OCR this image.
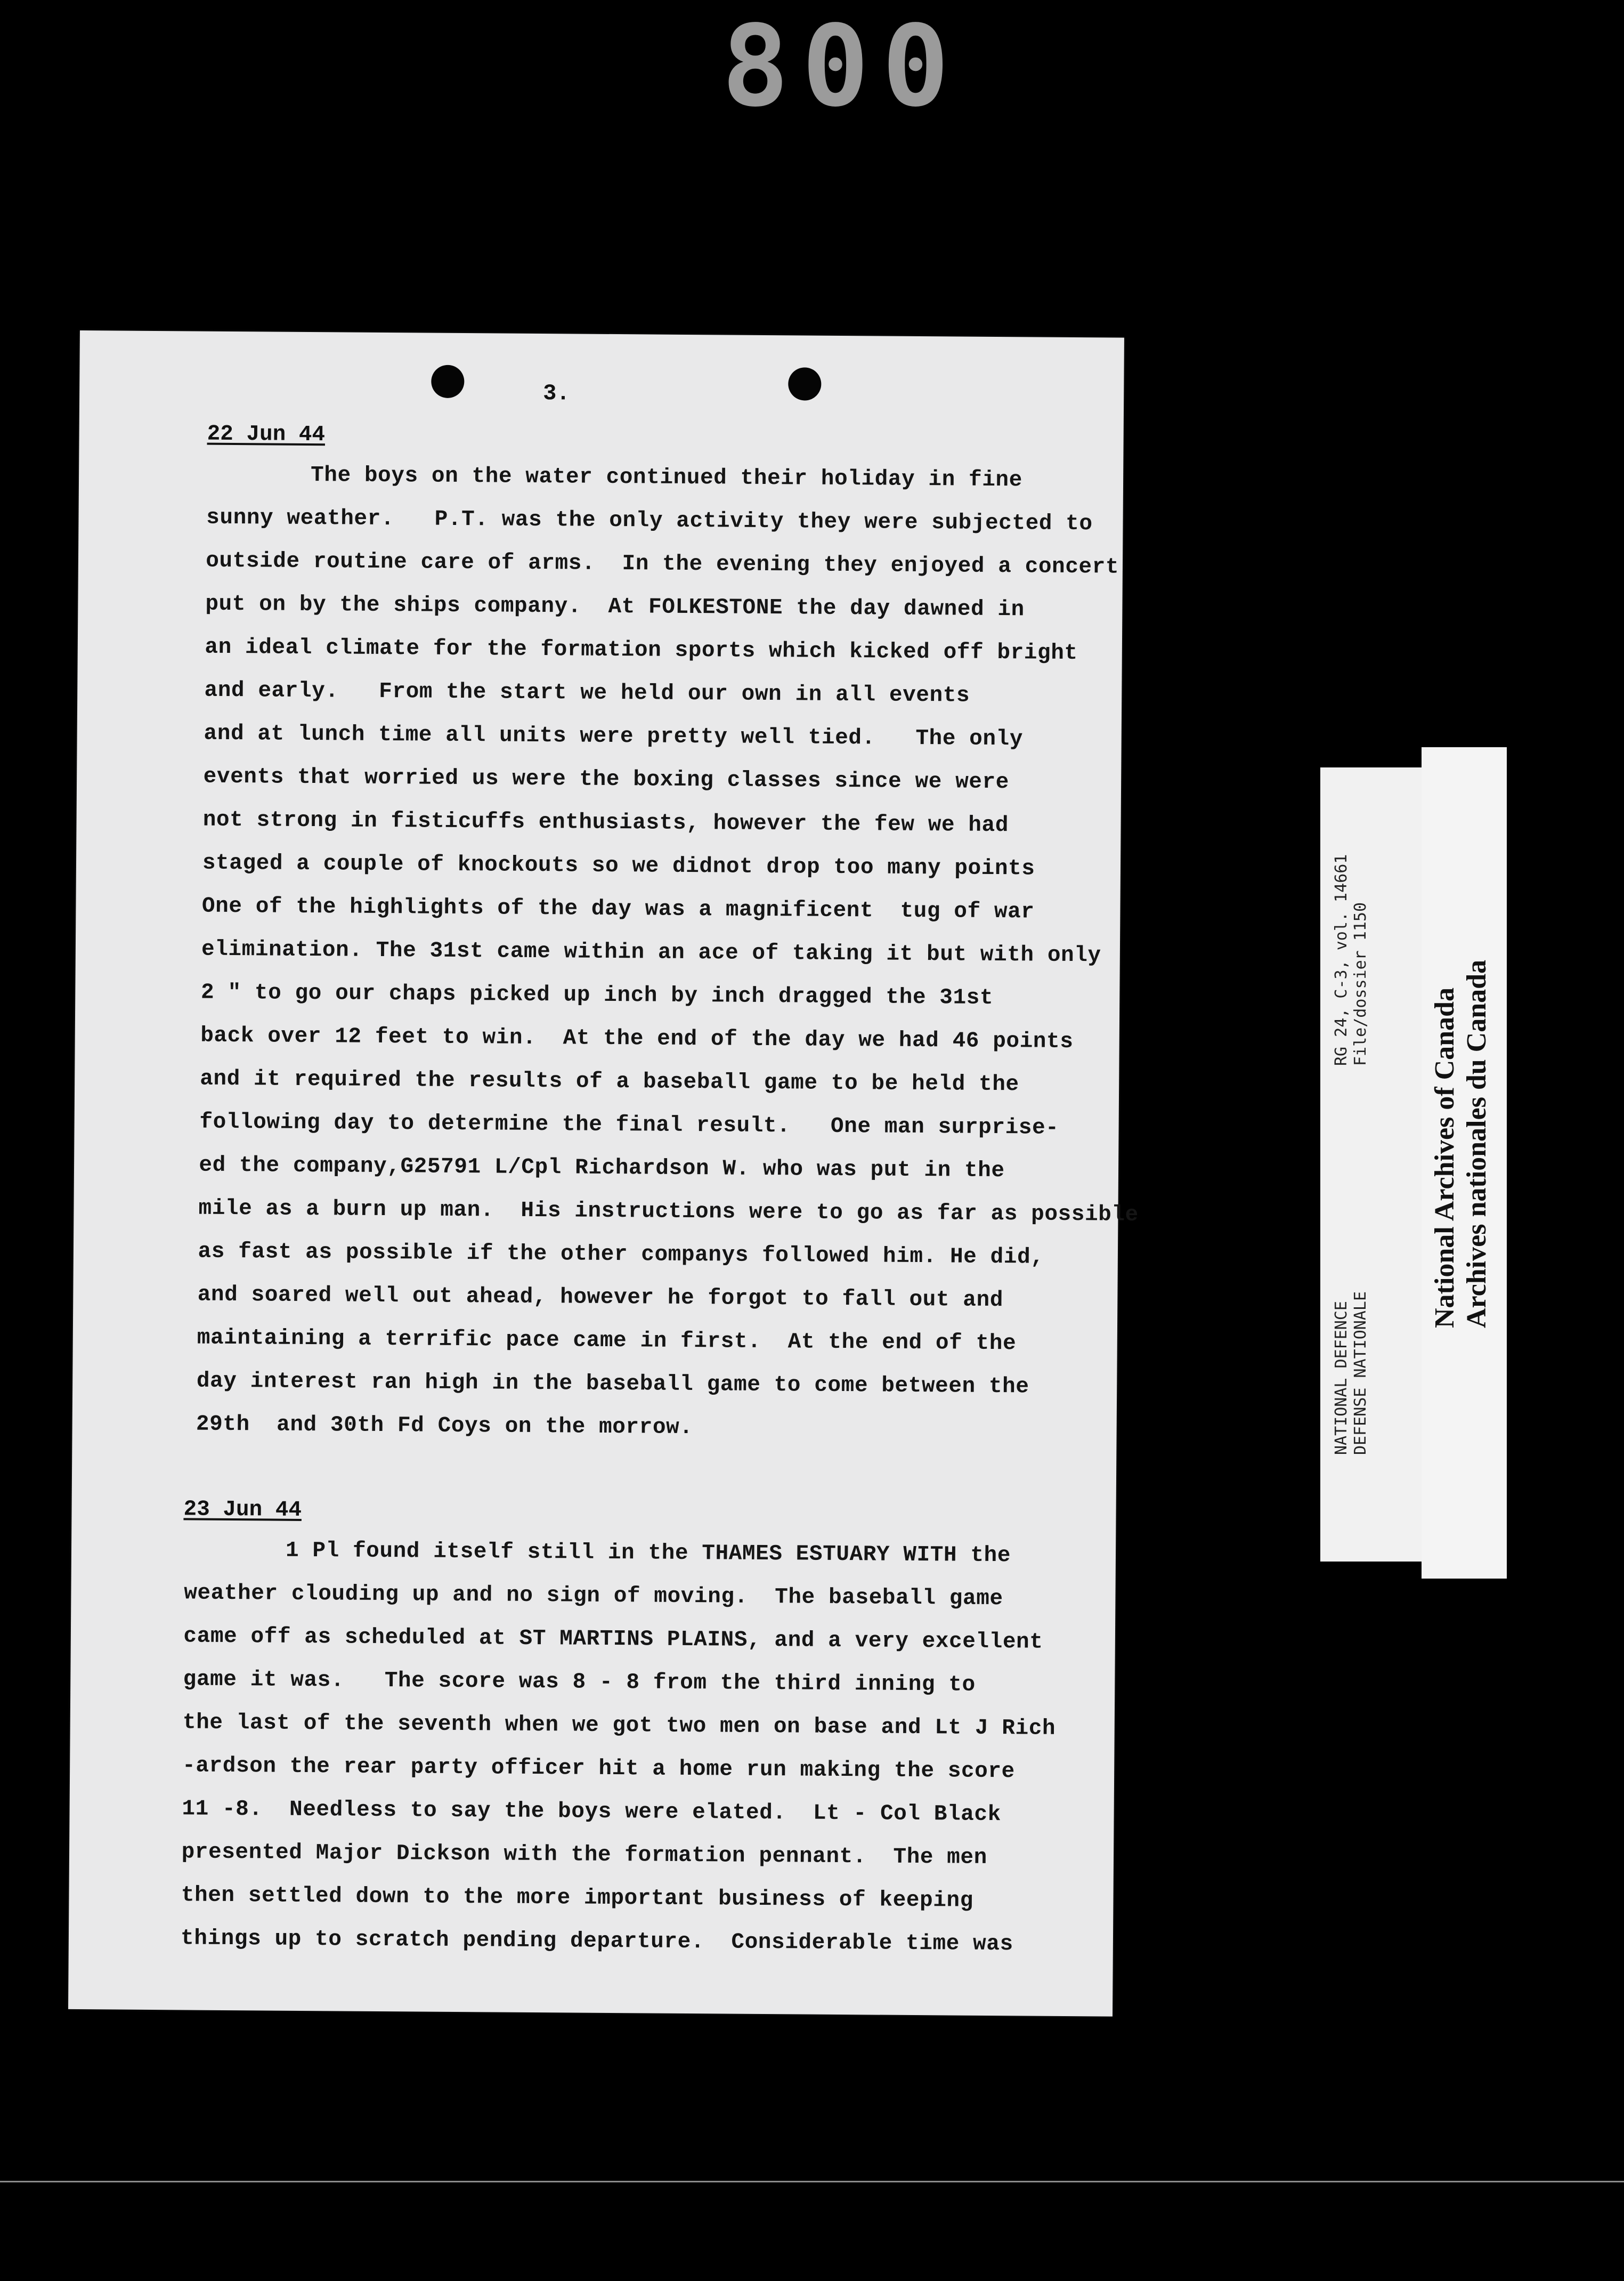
800
3.
22 Jun 44
The boys on the water continued their holiday in fine
sunny weather.   P.T. was the only activity they were subjected to
outside routine care of arms.  In the evening they enjoyed a concert
put on by the ships company.  At FOLKESTONE the day dawned in
an ideal climate for the formation sports which kicked off bright
and early.   From the start we held our own in all events
and at lunch time all units were pretty well tied.   The only
events that worried us were the boxing classes since we were
not strong in fisticuffs enthusiasts, however the few we had
staged a couple of knockouts so we didnot drop too many points
One of the highlights of the day was a magnificent  tug of war
elimination. The 31st came within an ace of taking it but with only
2 " to go our chaps picked up inch by inch dragged the 31st
back over 12 feet to win.  At the end of the day we had 46 points
and it required the results of a baseball game to be held the
following day to determine the final result.   One man surprise-
ed the company,G25791 L/Cpl Richardson W. who was put in the
mile as a burn up man.  His instructions were to go as far as possible
as fast as possible if the other companys followed him. He did,
and soared well out ahead, however he forgot to fall out and
maintaining a terrific pace came in first.  At the end of the
day interest ran high in the baseball game to come between the
29th  and 30th Fd Coys on the morrow.
23 Jun 44
1 Pl found itself still in the THAMES ESTUARY WITH the
weather clouding up and no sign of moving.  The baseball game
came off as scheduled at ST MARTINS PLAINS, and a very excellent
game it was.   The score was 8 - 8 from the third inning to
the last of the seventh when we got two men on base and Lt J Rich
-ardson the rear party officer hit a home run making the score
11 -8.  Needless to say the boys were elated.  Lt - Col Black
presented Major Dickson with the formation pennant.  The men
then settled down to the more important business of keeping
things up to scratch pending departure.  Considerable time was
NATIONAL DEFENCE DEFENSE NATIONALE
RG 24, C-3, vol. 14661 File/dossier 1150
National Archives of Canada Archives nationales du Canada
